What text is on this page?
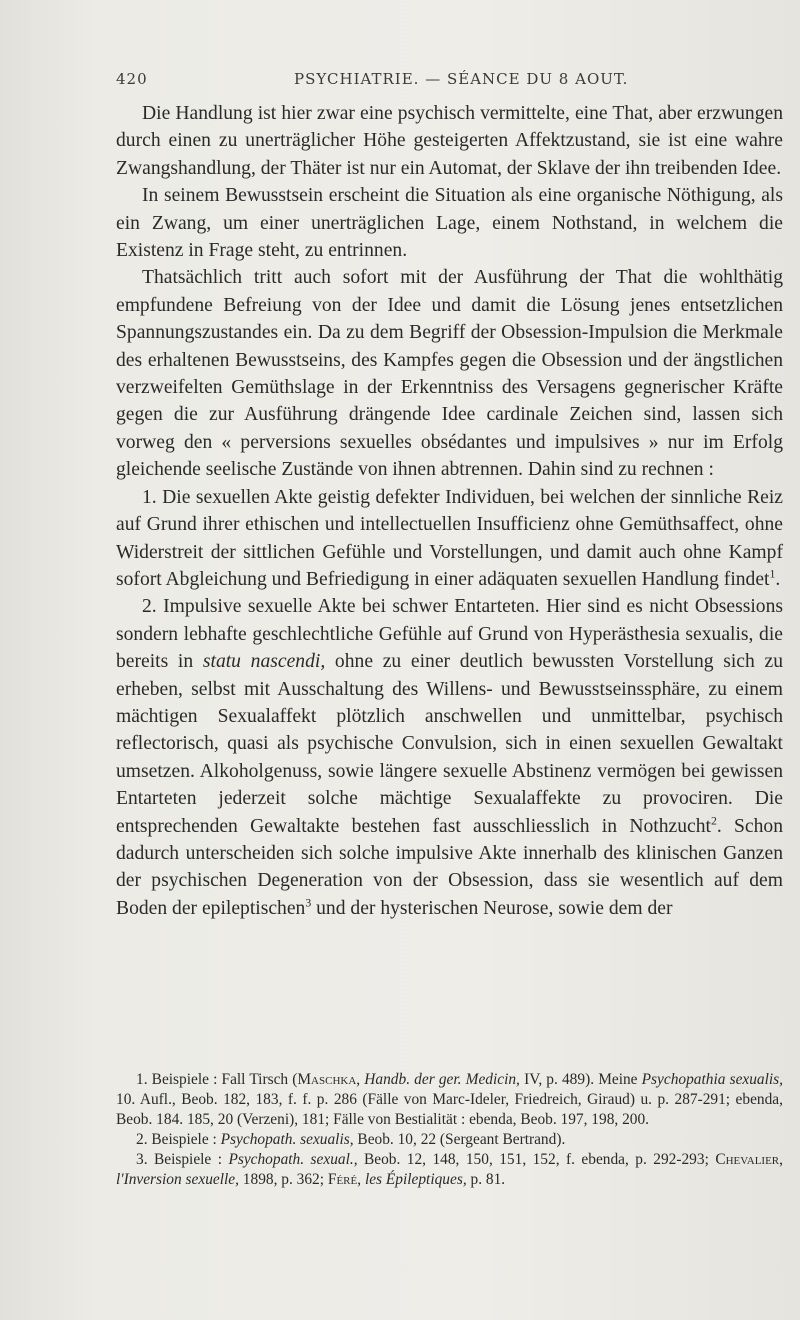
420	PSYCHIATRIE. — SÉANCE DU 8 AOUT.

Die Handlung ist hier zwar eine psychisch vermittelte, eine That, aber erzwungen durch einen zu unerträglicher Höhe gesteigerten Affektzustand, sie ist eine wahre Zwangshandlung, der Thäter ist nur ein Automat, der Sklave der ihn treibenden Idee.

In seinem Bewusstsein erscheint die Situation als eine organische Nöthigung, als ein Zwang, um einer unerträglichen Lage, einem Nothstand, in welchem die Existenz in Frage steht, zu entrinnen.

Thatsächlich tritt auch sofort mit der Ausführung der That die wohlthätig empfundene Befreiung von der Idee und damit die Lösung jenes entsetzlichen Spannungszustandes ein. Da zu dem Begriff der Obsession-Impulsion die Merkmale des erhaltenen Bewusstseins, des Kampfes gegen die Obsession und der ängstlichen verzweifelten Gemüthslage in der Erkenntniss des Versagens gegnerischer Kräfte gegen die zur Ausführung drängende Idee cardinale Zeichen sind, lassen sich vorweg den « perversions sexuelles obsédantes und impulsives » nur im Erfolg gleichende seelische Zustände von ihnen abtrennen. Dahin sind zu rechnen :

1. Die sexuellen Akte geistig defekter Individuen, bei welchen der sinnliche Reiz auf Grund ihrer ethischen und intellectuellen Insufficienz ohne Gemüthsaffect, ohne Widerstreit der sittlichen Gefühle und Vorstellungen, und damit auch ohne Kampf sofort Abgleichung und Befriedigung in einer adäquaten sexuellen Handlung findet$^1$.

2. Impulsive sexuelle Akte bei schwer Entarteten. Hier sind es nicht Obsessions sondern lebhafte geschlechtliche Gefühle auf Grund von Hyperästhesia sexualis, die bereits in statu nascendi, ohne zu einer deutlich bewussten Vorstellung sich zu erheben, selbst mit Ausschaltung des Willens- und Bewusstseinssphäre, zu einem mächtigen Sexualaffekt plötzlich anschwellen und unmittelbar, psychisch reflectorisch, quasi als psychische Convulsion, sich in einen sexuellen Gewaltakt umsetzen. Alkoholgenuss, sowie längere sexuelle Abstinenz vermögen bei gewissen Entarteten jederzeit solche mächtige Sexualaffekte zu provociren. Die entsprechenden Gewaltakte bestehen fast ausschliesslich in Nothzucht$^2$. Schon dadurch unterscheiden sich solche impulsive Akte innerhalb des klinischen Ganzen der psychischen Degeneration von der Obsession, dass sie wesentlich auf dem Boden der epileptischen$^3$ und der hysterischen Neurose, sowie dem der

1. Beispiele : Fall Tirsch (Maschka, Handb. der ger. Medicin, IV, p. 489). Meine Psychopathia sexualis, 10. Aufl., Beob. 182, 183, f. f. p. 286 (Fälle von Marc-Ideler, Friedreich, Giraud) u. p. 287-291; ebenda, Beob. 184. 185, 20 (Verzeni), 181; Fälle von Bestialität : ebenda, Beob. 197, 198, 200.

2. Beispiele : Psychopath. sexualis, Beob. 10, 22 (Sergeant Bertrand).

3. Beispiele : Psychopath. sexual., Beob. 12, 148, 150, 151, 152, f. ebenda, p. 292-293; Chevalier, l'Inversion sexuelle, 1898, p. 362; Féré, les Épileptiques, p. 81.
